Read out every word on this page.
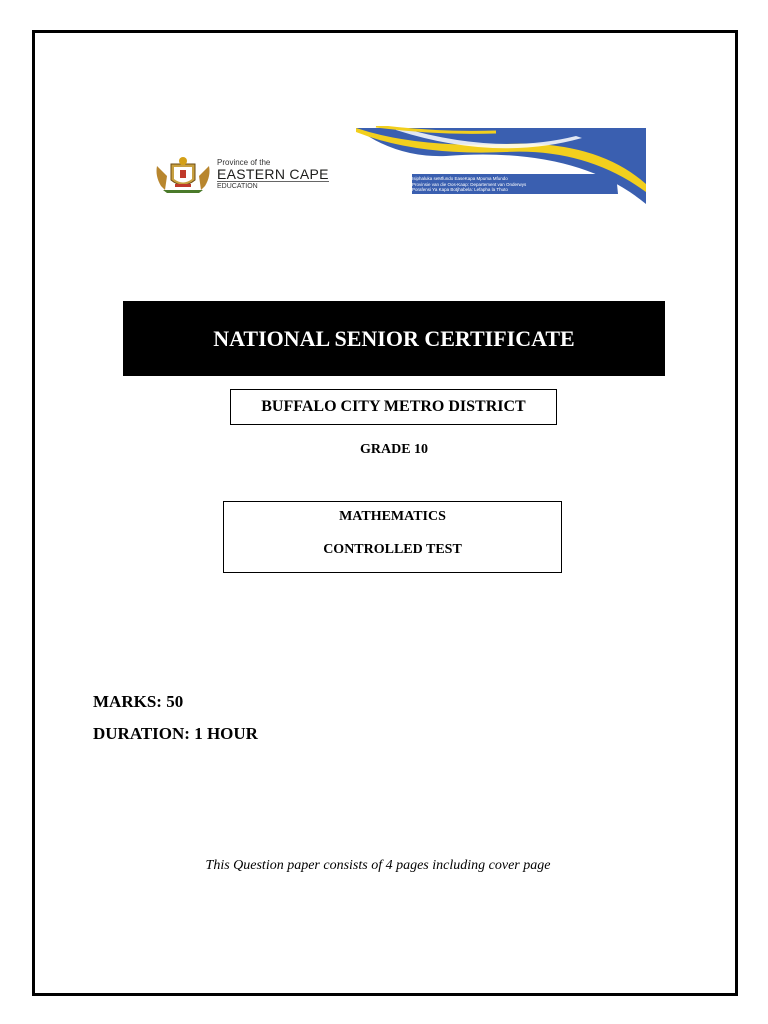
Province of the
EASTERN CAPE
EDUCATION
Isiphaluka seMfundo EaseKapa Mpuma Mfundo
Provinsie van die Oos-Kaap: Departement van Onderwys
Porafensi Ya Kapa Botjhabela: Lefapha la Thuto
NATIONAL SENIOR CERTIFICATE
BUFFALO CITY METRO DISTRICT
GRADE 10
MATHEMATICS
CONTROLLED TEST
MARKS: 50
DURATION: 1 HOUR
This Question paper consists of 4 pages including cover page
